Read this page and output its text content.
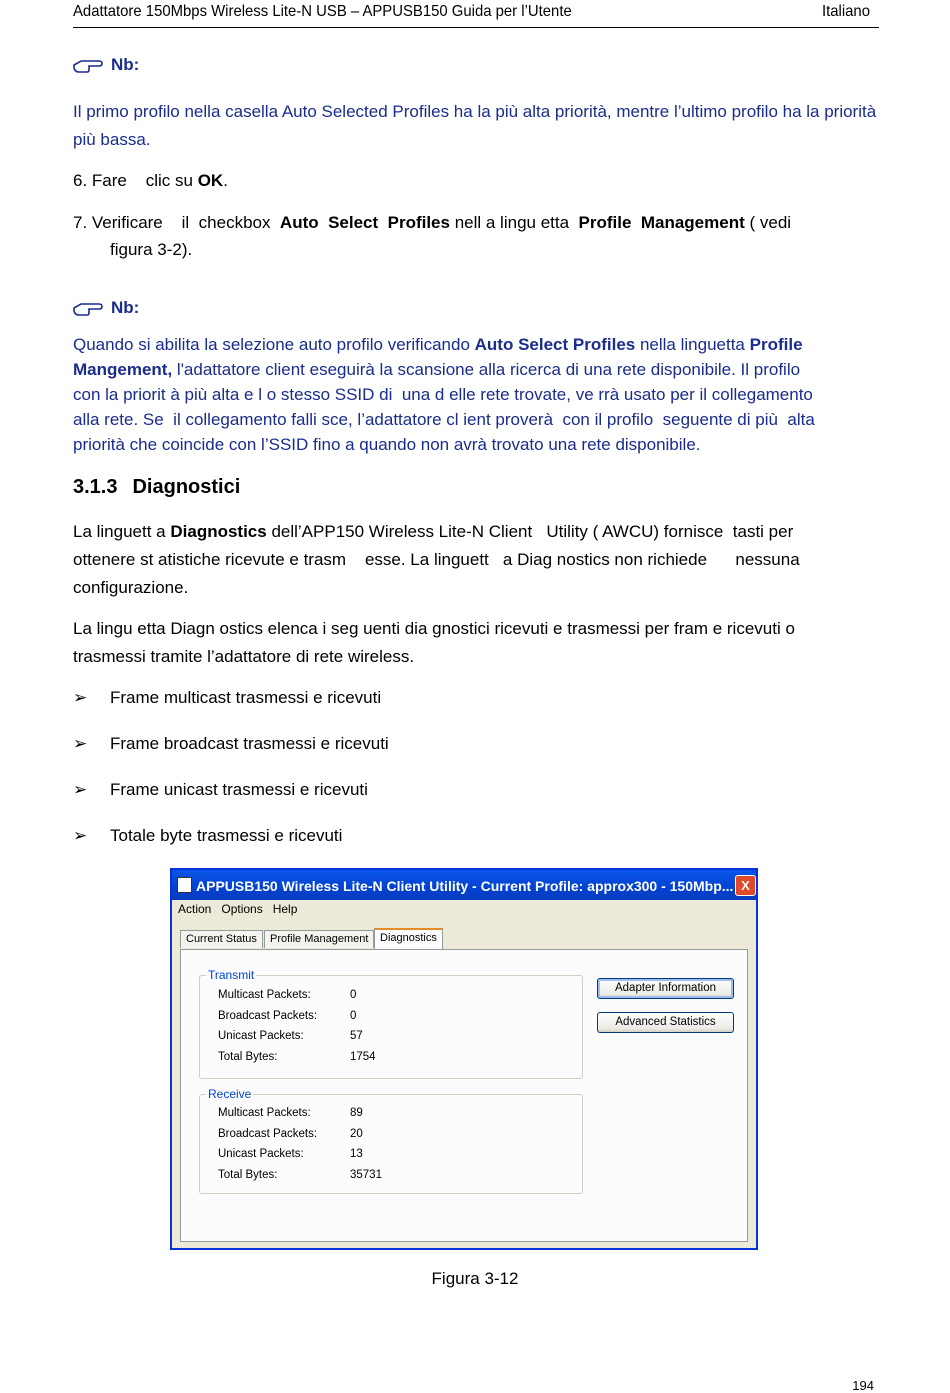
Adattatore 150Mbps Wireless Lite-N USB – APPUSB150 Guida per l’Utente	Italiano
Nb:
Il primo profilo nella casella Auto Selected Profiles ha la più alta priorità, mentre l’ultimo profilo ha la priorità più bassa.
6. Fare    clic su OK.
7. Verificare    il  checkbox  Auto  Select  Profiles nell a lingu etta  Profile  Management ( vedi
figura 3-2).
Nb:
Quando si abilita la selezione auto profilo verificando Auto Select Profiles nella linguetta Profile
Mangement, l'adattatore client eseguirà la scansione alla ricerca di una rete disponibile. Il profilo
con la priorit à più alta e l o stesso SSID di  una d elle rete trovate, ve rrà usato per il collegamento
alla rete. Se  il collegamento falli sce, l’adattatore cl ient proverà  con il profilo  seguente di più  alta
priorità che coincide con l’SSID fino a quando non avrà trovato una rete disponibile.
3.1.3 Diagnostici
La linguett a Diagnostics dell’APP150 Wireless Lite-N Client   Utility ( AWCU) fornisce  tasti per
ottenere st atistiche ricevute e trasm    esse. La linguett   a Diag nostics non richiede      nessuna
configurazione.
La lingu etta Diagn ostics elenca i seg uenti dia gnostici ricevuti e trasmessi per fram e ricevuti o
trasmessi tramite l’adattatore di rete wireless.
➢	Frame multicast trasmessi e ricevuti
➢	Frame broadcast trasmessi e ricevuti
➢	Frame unicast trasmessi e ricevuti
➢	Totale byte trasmessi e ricevuti
APPUSB150 Wireless Lite-N Client Utility - Current Profile: approx300 - 150Mbp... X
Action Options Help
Current Status	Profile Management	Diagnostics
Transmit
Multicast Packets:	0
Broadcast Packets:	0
Unicast Packets:	57
Total Bytes:	1754
Receive
Multicast Packets:	89
Broadcast Packets:	20
Unicast Packets:	13
Total Bytes:	35731
Adapter Information
Advanced Statistics
Figura 3-12
194
